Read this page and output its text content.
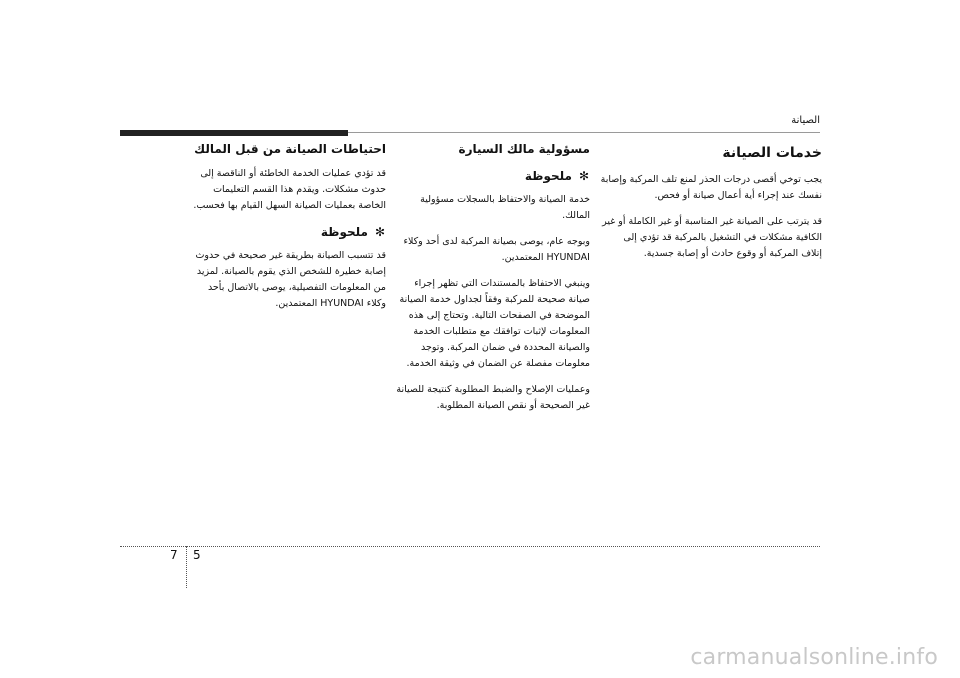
الصيانة
خدمات الصيانة

يجب توخي أقصى درجات الحذر لمنع تلف المركبة وإصابة نفسك عند إجراء أية أعمال صيانة أو فحص.

قد يترتب على الصيانة غير المناسبة أو غير الكاملة أو غير الكافية مشكلات في التشغيل بالمركبة قد تؤدي إلى إتلاف المركبة أو وقوع حادث أو إصابة جسدية.

مسؤولية مالك السيارة
✻
ملحوظة

خدمة الصيانة والاحتفاظ بالسجلات مسؤولية المالك.

وبوجه عام، يوصى بصيانة المركبة لدى أحد وكلاء HYUNDAI المعتمدين.

وينبغي الاحتفاظ بالمستندات التي تظهر إجراء صيانة صحيحة للمركبة وفقاً لجداول خدمة الصيانة الموضحة في الصفحات التالية. وتحتاج إلى هذه المعلومات لإثبات توافقك مع متطلبات الخدمة والصيانة المحددة في ضمان المركبة. وتوجد معلومات مفصلة عن الضمان في وثيقة الخدمة.

وعمليات الإصلاح والضبط المطلوبة كنتيجة للصيانة غير الصحيحة أو نقص الصيانة المطلوبة.

احتياطات الصيانة من قبل المالك

قد تؤدي عمليات الخدمة الخاطئة أو الناقصة إلى حدوث مشكلات. ويقدم هذا القسم التعليمات الخاصة بعمليات الصيانة السهل القيام بها فحسب.

✻
ملحوظة

قد تتسبب الصيانة بطريقة غير صحيحة في حدوث إصابة خطيرة للشخص الذي يقوم بالصيانة. لمزيد من المعلومات التفصيلية، يوصى بالاتصال بأحد وكلاء HYUNDAI المعتمدين.

7 5
carmanualsonline.info
